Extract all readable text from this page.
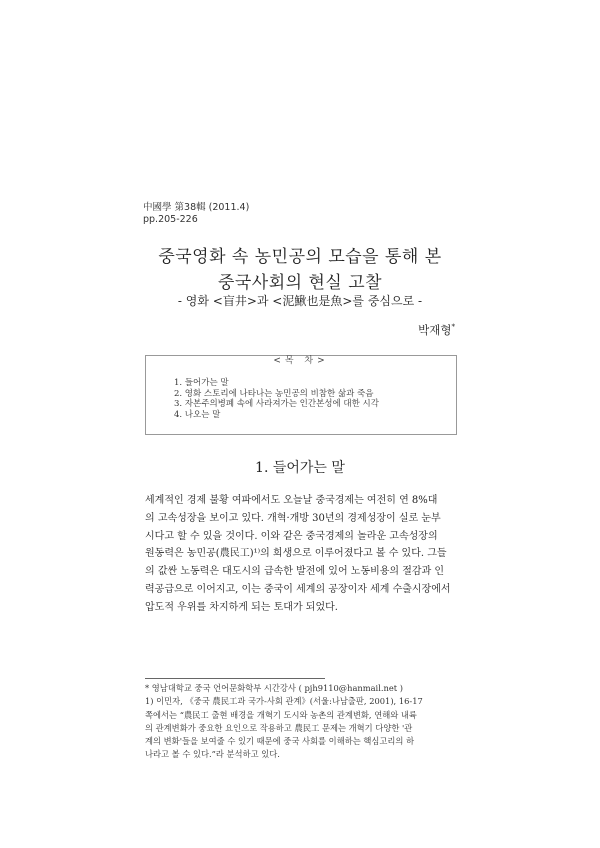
中國學 第38輯 (2011.4)
pp.205-226
중국영화 속 농민공의 모습을 통해 본
중국사회의 현실 고찰
- 영화 <盲井>과 <泥鰍也是魚>를 중심으로 -
박재형*
<목 차>
1. 들어가는 말
2. 영화 스토리에 나타나는 농민공의 비참한 삶과 죽음
3. 자본주의병폐 속에 사라져가는 인간본성에 대한 시각
4. 나오는 말
1. 들어가는 말
세계적인 경제 불황 여파에서도 오늘날 중국경제는 여전히 연 8%대
의 고속성장을 보이고 있다. 개혁·개방 30년의 경제성장이 실로 눈부
시다고 할 수 있을 것이다. 이와 같은 중국경제의 놀라운 고속성장의
원동력은 농민공(農民工)¹⁾의 희생으로 이루어졌다고 볼 수 있다. 그들
의 값싼 노동력은 대도시의 급속한 발전에 있어 노동비용의 절감과 인
력공급으로 이어지고, 이는 중국이 세계의 공장이자 세계 수출시장에서
압도적 우위를 차지하게 되는 토대가 되었다.
* 영남대학교 중국 언어문화학부 시간강사 ( pjh9110@hanmail.net )
1) 이민자, 《중국 農民工과 국가-사회 관계》(서울:나남출판, 2001), 16-17
쪽에서는 “農民工 출현 배경을 개혁기 도시와 농촌의 관계변화, 연해와 내륙
의 관계변화가 중요한 요인으로 작용하고 農民工 문제는 개혁기 다양한 '관
계의 변화'들을 보여줄 수 있기 때문에 중국 사회를 이해하는 핵심고리의 하
나라고 볼 수 있다.”라 분석하고 있다.
